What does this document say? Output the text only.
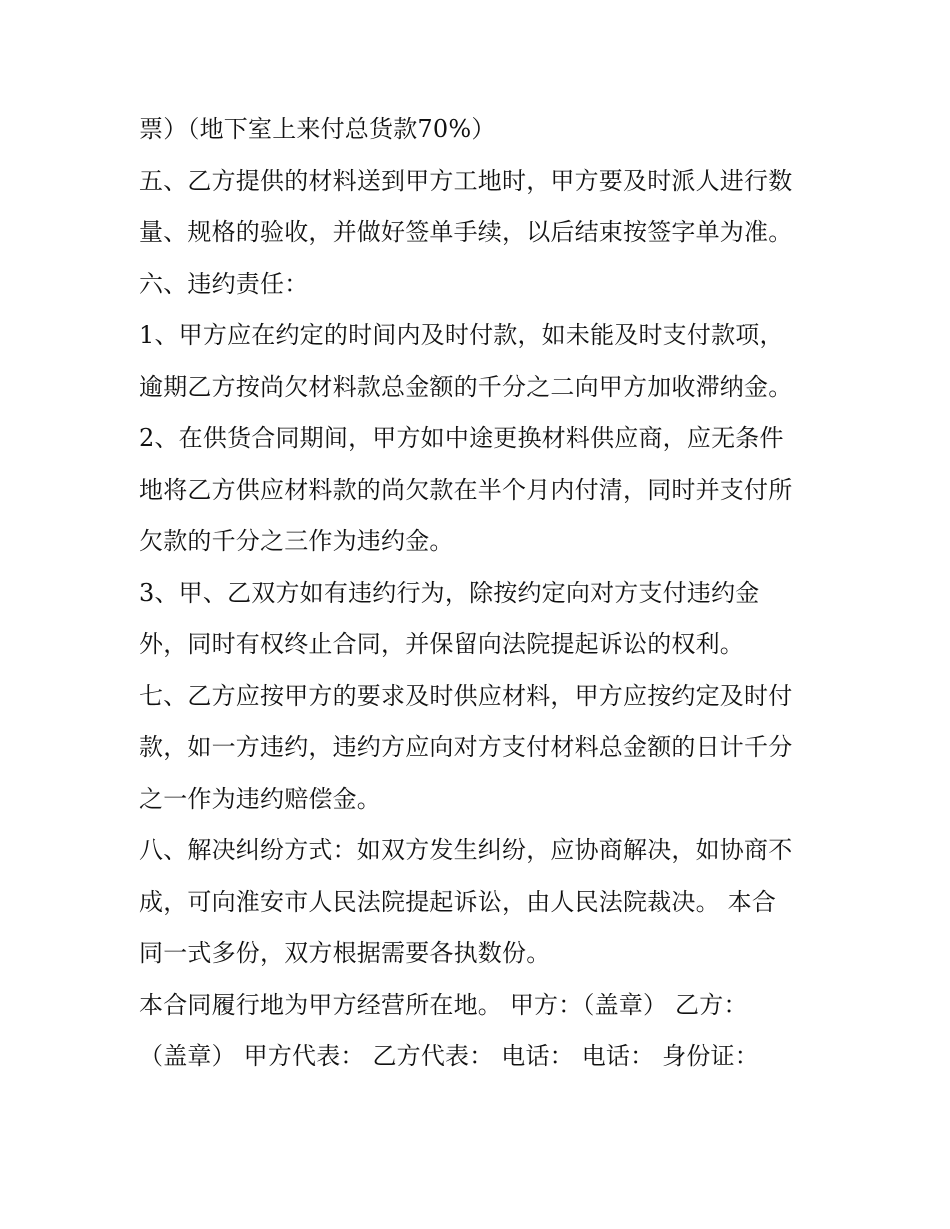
票）（地下室上来付总货款70%）

五、乙方提供的材料送到甲方工地时，甲方要及时派人进行数

量、规格的验收，并做好签单手续，以后结束按签字单为准。

六、违约责任：

1、甲方应在约定的时间内及时付款，如未能及时支付款项，

逾期乙方按尚欠材料款总金额的千分之二向甲方加收滞纳金。

2、在供货合同期间，甲方如中途更换材料供应商，应无条件

地将乙方供应材料款的尚欠款在半个月内付清，同时并支付所

欠款的千分之三作为违约金。

3、甲、乙双方如有违约行为，除按约定向对方支付违约金

外，同时有权终止合同，并保留向法院提起诉讼的权利。

七、乙方应按甲方的要求及时供应材料，甲方应按约定及时付

款，如一方违约，违约方应向对方支付材料总金额的日计千分

之一作为违约赔偿金。

八、解决纠纷方式：如双方发生纠纷，应协商解决，如协商不

成，可向淮安市人民法院提起诉讼，由人民法院裁决。 本合

同一式多份，双方根据需要各执数份。

本合同履行地为甲方经营所在地。 甲方：（盖章） 乙方：

（盖章） 甲方代表： 乙方代表： 电话： 电话： 身份证：
